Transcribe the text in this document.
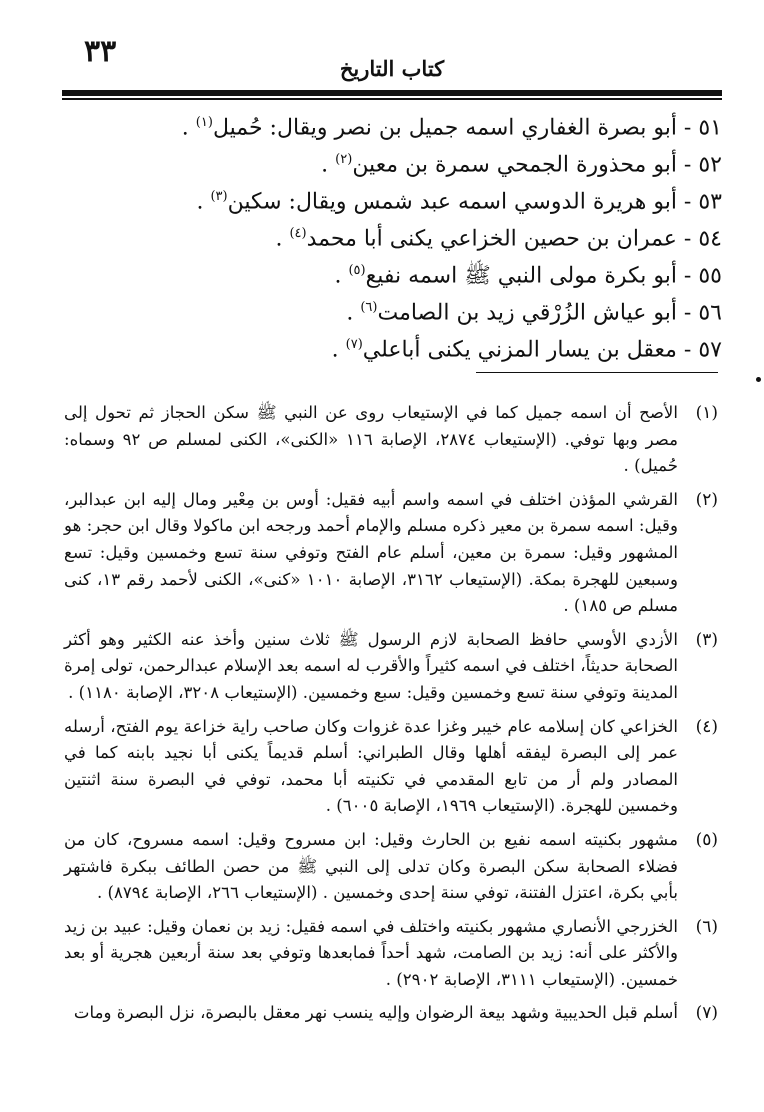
٣٣	كتاب التاريخ
٥١ - أبو بصرة الغفاري اسمه جميل بن نصر ويقال: حُميل$^{(١)}$ .
٥٢ - أبو محذورة الجمحي سمرة بن معين$^{(٢)}$ .
٥٣ - أبو هريرة الدوسي اسمه عبد شمس ويقال: سكين$^{(٣)}$ .
٥٤ - عمران بن حصين الخزاعي يكنى أبا محمد$^{(٤)}$ .
٥٥ - أبو بكرة مولى النبي ﷺ اسمه نفيع$^{(٥)}$ .
٥٦ - أبو عياش الزُرْقي زيد بن الصامت$^{(٦)}$ .
٥٧ - معقل بن يسار المزني يكنى أباعلي$^{(٧)}$ .
(١)
الأصح أن اسمه جميل كما في الإستيعاب روى عن النبي ﷺ سكن الحجاز ثم تحول إلى مصر وبها توفي. (الإستيعاب ٢٨٧٤، الإصابة ١١٦ «الكنى»، الكنى لمسلم ص ٩٢ وسماه: حُميل) .
(٢)
القرشي المؤذن اختلف في اسمه واسم أبيه فقيل: أوس بن مِعْير ومال إليه ابن عبدالبر، وقيل: اسمه سمرة بن معير ذكره مسلم والإمام أحمد ورجحه ابن ماكولا وقال ابن حجر: هو المشهور وقيل: سمرة بن معين، أسلم عام الفتح وتوفي سنة تسع وخمسين وقيل: تسع وسبعين للهجرة بمكة. (الإستيعاب ٣١٦٢، الإصابة ١٠١٠ «كنى»، الكنى لأحمد رقم ١٣، كنى مسلم ص ١٨٥) .
(٣)
الأزدي الأوسي حافظ الصحابة لازم الرسول ﷺ ثلاث سنين وأخذ عنه الكثير وهو أكثر الصحابة حديثاً، اختلف في اسمه كثيراً والأقرب له اسمه بعد الإسلام عبدالرحمن، تولى إمرة المدينة وتوفي سنة تسع وخمسين وقيل: سبع وخمسين. (الإستيعاب ٣٢٠٨، الإصابة ١١٨٠) .
(٤)
الخزاعي كان إسلامه عام خيبر وغزا عدة غزوات وكان صاحب راية خزاعة يوم الفتح، أرسله عمر إلى البصرة ليفقه أهلها وقال الطبراني: أسلم قديماً يكنى أبا نجيد بابنه كما في المصادر ولم أر من تابع المقدمي في تكنيته أبا محمد، توفي في البصرة سنة اثنتين وخمسين للهجرة. (الإستيعاب ١٩٦٩، الإصابة ٦٠٠٥) .
(٥)
مشهور بكنيته اسمه نفيع بن الحارث وقيل: ابن مسروح وقيل: اسمه مسروح، كان من فضلاء الصحابة سكن البصرة وكان تدلى إلى النبي ﷺ من حصن الطائف ببكرة فاشتهر بأبي بكرة، اعتزل الفتنة، توفي سنة إحدى وخمسين . (الإستيعاب ٢٦٦، الإصابة ٨٧٩٤) .
(٦)
الخزرجي الأنصاري مشهور بكنيته واختلف في اسمه فقيل: زيد بن نعمان وقيل: عبيد بن زيد والأكثر على أنه: زيد بن الصامت، شهد أحداً فمابعدها وتوفي بعد سنة أربعين هجرية أو بعد خمسين. (الإستيعاب ٣١١١، الإصابة ٢٩٠٢) .
(٧)
أسلم قبل الحديبية وشهد بيعة الرضوان وإليه ينسب نهر معقل بالبصرة، نزل البصرة ومات
